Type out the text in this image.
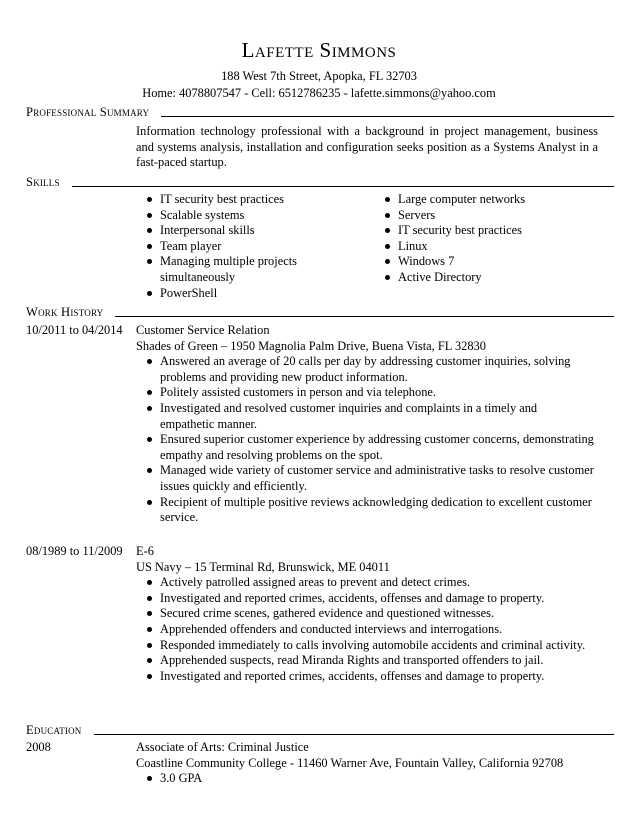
Lafette Simmons
188 West 7th Street, Apopka, FL 32703
Home: 4078807547 - Cell: 6512786235 - lafette.simmons@yahoo.com
Professional Summary
Information technology professional with a background in project management, business and systems analysis, installation and configuration seeks position as a Systems Analyst in a fast-paced startup.
Skills
IT security best practices
Scalable systems
Interpersonal skills
Team player
Managing multiple projects simultaneously
PowerShell
Large computer networks
Servers
IT security best practices
Linux
Windows 7
Active Directory
Work History
10/2011 to 04/2014 Customer Service Relation
Shades of Green – 1950 Magnolia Palm Drive, Buena Vista, FL 32830
Answered an average of 20 calls per day by addressing customer inquiries, solving problems and providing new product information.
Politely assisted customers in person and via telephone.
Investigated and resolved customer inquiries and complaints in a timely and empathetic manner.
Ensured superior customer experience by addressing customer concerns, demonstrating empathy and resolving problems on the spot.
Managed wide variety of customer service and administrative tasks to resolve customer issues quickly and efficiently.
Recipient of multiple positive reviews acknowledging dedication to excellent customer service.
08/1989 to 11/2009 E-6
US Navy – 15 Terminal Rd, Brunswick, ME 04011
Actively patrolled assigned areas to prevent and detect crimes.
Investigated and reported crimes, accidents, offenses and damage to property.
Secured crime scenes, gathered evidence and questioned witnesses.
Apprehended offenders and conducted interviews and interrogations.
Responded immediately to calls involving automobile accidents and criminal activity.
Apprehended suspects, read Miranda Rights and transported offenders to jail.
Investigated and reported crimes, accidents, offenses and damage to property.
Education
2008	Associate of Arts: Criminal Justice
Coastline Community College - 11460 Warner Ave, Fountain Valley, California 92708
3.0 GPA
